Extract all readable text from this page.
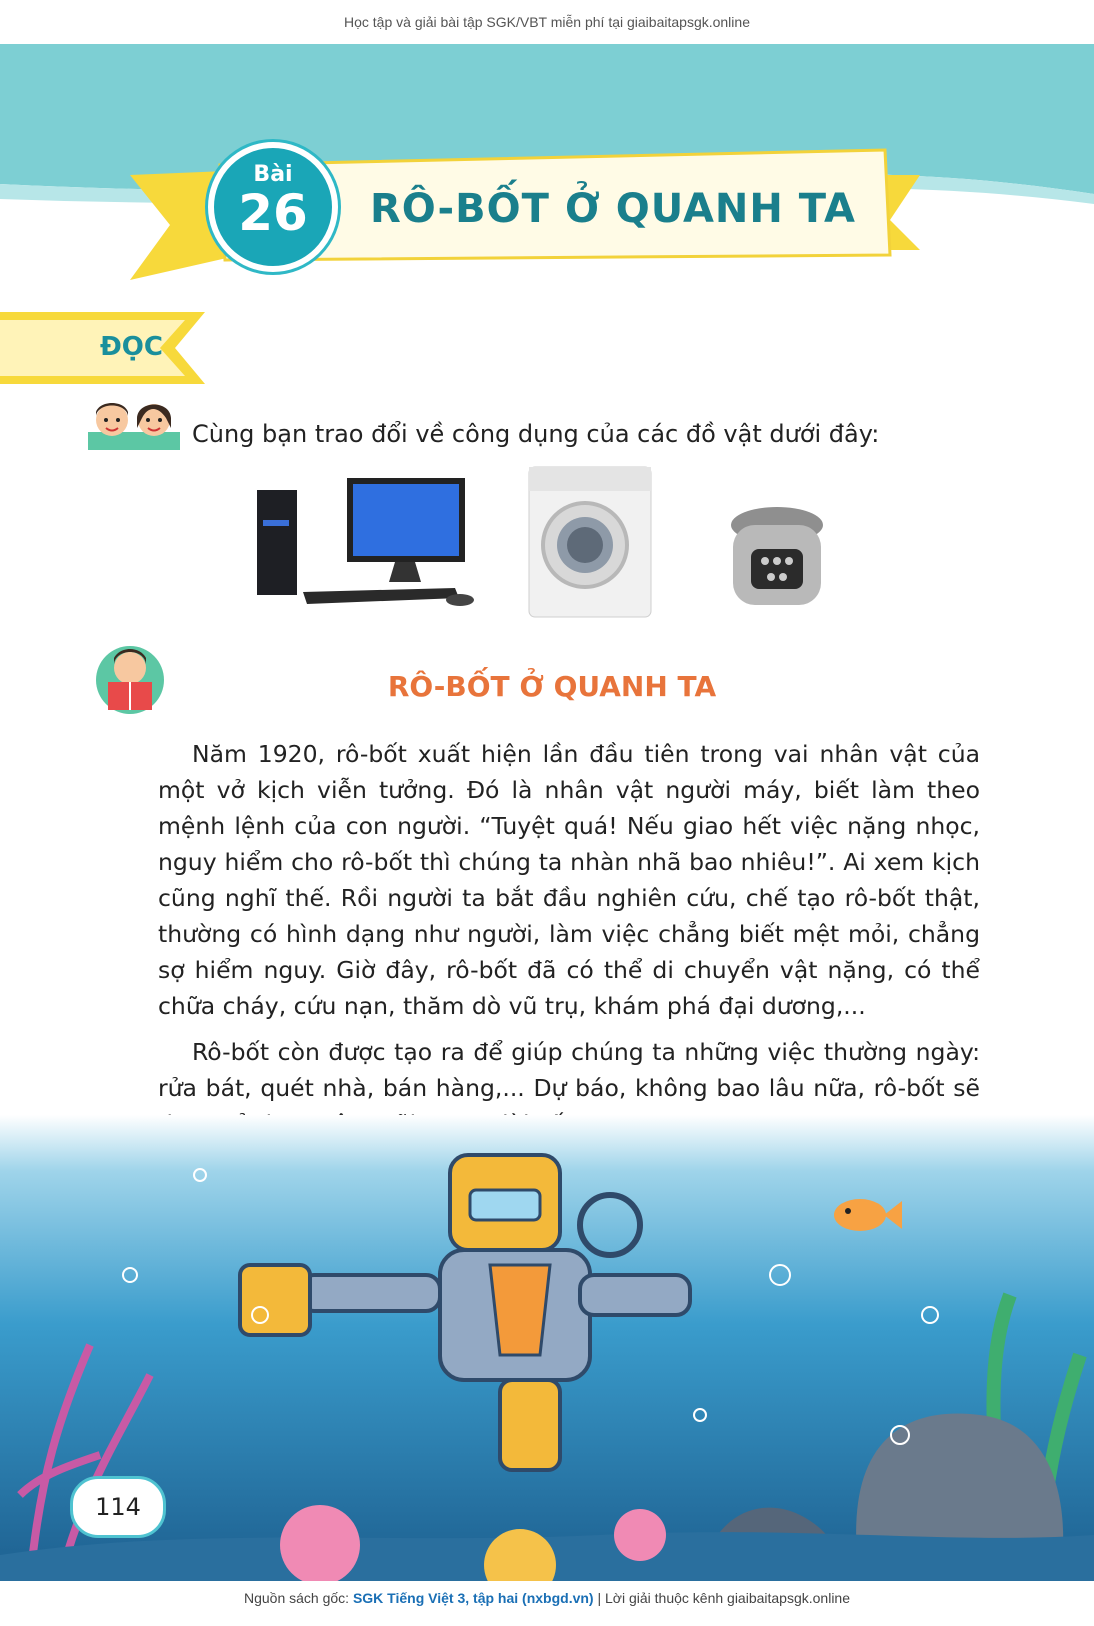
Học tập và giải bài tập SGK/VBT miễn phí tại giaibaitapsgk.online
Bài
26	RÔ-BỐT Ở QUANH TA
ĐỌC
Cùng bạn trao đổi về công dụng của các đồ vật dưới đây:
RÔ-BỐT Ở QUANH TA

Năm 1920, rô-bốt xuất hiện lần đầu tiên trong vai nhân vật của một vở kịch viễn tưởng. Đó là nhân vật người máy, biết làm theo mệnh lệnh của con người. “Tuyệt quá! Nếu giao hết việc nặng nhọc, nguy hiểm cho rô-bốt thì chúng ta nhàn nhã bao nhiêu!”. Ai xem kịch cũng nghĩ thế. Rồi người ta bắt đầu nghiên cứu, chế tạo rô-bốt thật, thường có hình dạng như người, làm việc chẳng biết mệt mỏi, chẳng sợ hiểm nguy. Giờ đây, rô-bốt đã có thể di chuyển vật nặng, có thể chữa cháy, cứu nạn, thăm dò vũ trụ, khám phá đại dương,...

Rô-bốt còn được tạo ra để giúp chúng ta những việc thường ngày: rửa bát, quét nhà, bán hàng,... Dự báo, không bao lâu nữa, rô-bốt sẽ

114
Nguồn sách gốc: SGK Tiếng Việt 3, tập hai (nxbgd.vn) | Lời giải thuộc kênh giaibaitapsgk.online
